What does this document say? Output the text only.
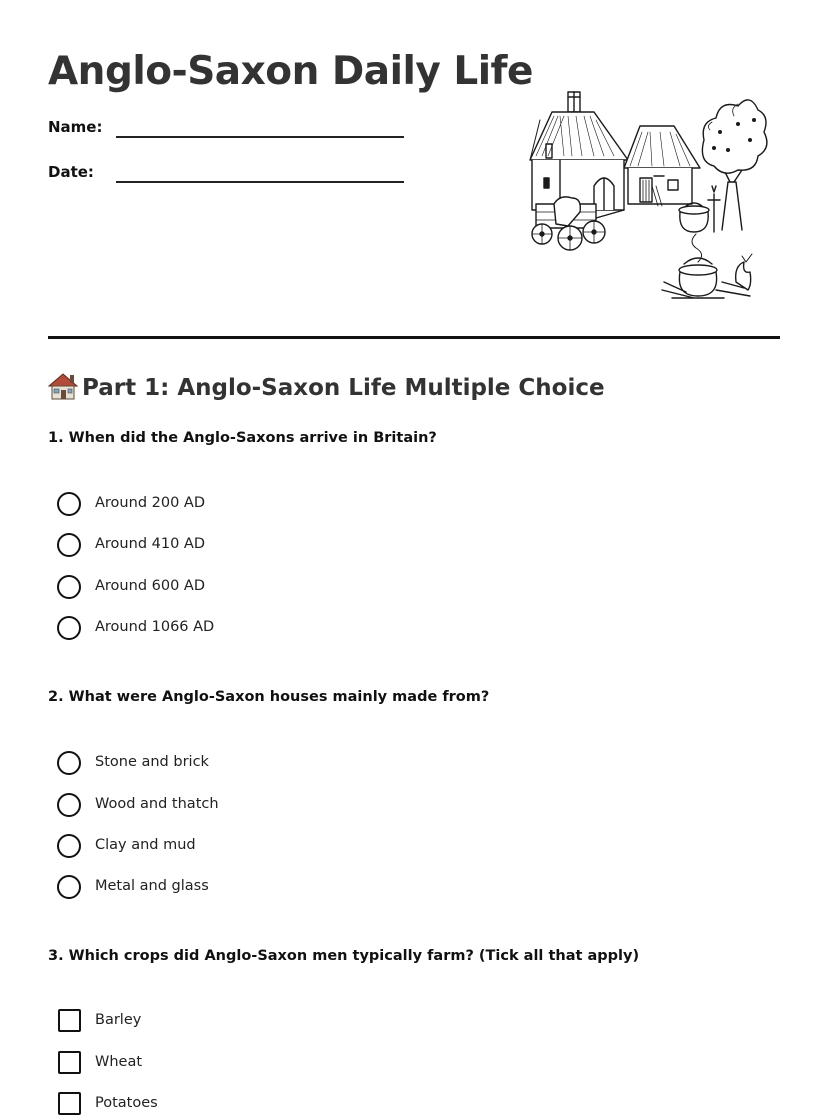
Anglo-Saxon Daily Life
Name:
Date:
Part 1: Anglo-Saxon Life Multiple Choice

1. When did the Anglo-Saxons arrive in Britain?

Around 200 AD
Around 410 AD
Around 600 AD
Around 1066 AD

2. What were Anglo-Saxon houses mainly made from?

Stone and brick
Wood and thatch
Clay and mud
Metal and glass

3. Which crops did Anglo-Saxon men typically farm? (Tick all that apply)

Barley
Wheat
Potatoes
